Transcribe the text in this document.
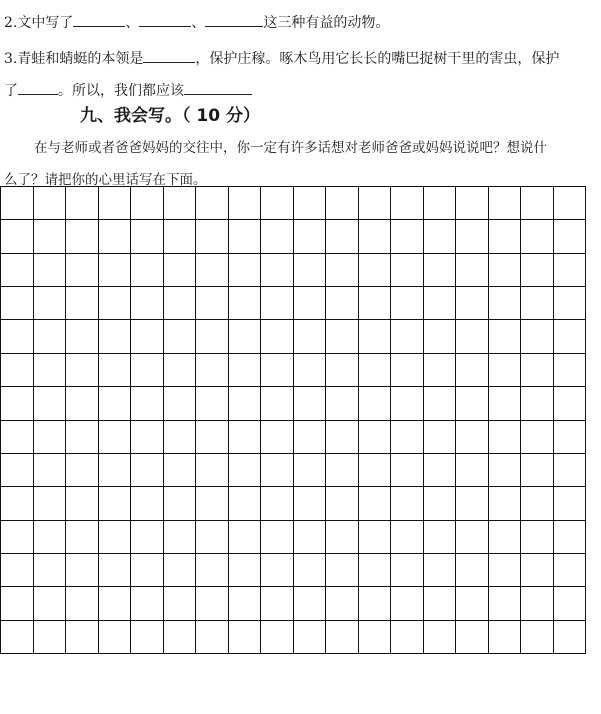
2.文中写了	、	、	这三种有益的动物。
3.青蛙和蜻蜓的本领是	，保护庄稼。啄木鸟用它长长的嘴巴捉树干里的害虫，保护
了	。所以，我们都应该
九、我会写。（ 10 分）
在与老师或者爸爸妈妈的交往中，你一定有许多话想对老师爸爸或妈妈说说吧？想说什
么了？请把你的心里话写在下面。
